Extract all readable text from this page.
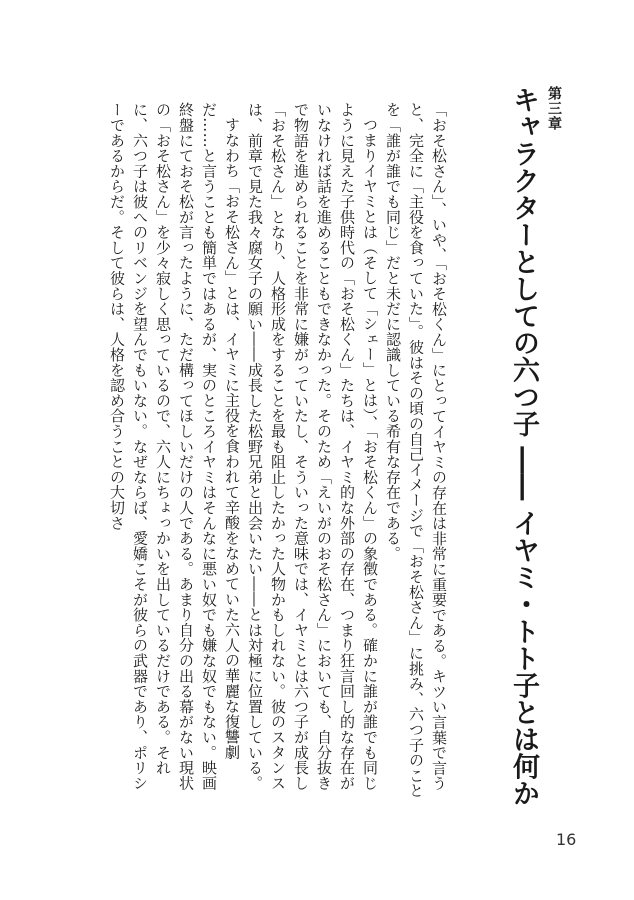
第三章
キャラクターとしての六つ子 ―― イヤミ・トト子とは何か

「おそ松さん」、いや、「おそ松くん」にとってイヤミの存在は非常に重要である。キツい言葉で言うと、完全に「主役を食っていた」。彼はその頃の自己イメージで「おそ松さん」に挑み、六つ子のことを「誰が誰でも同じ」だと未だに認識している希有な存在である。

つまりイヤミとは（そして「シェー」とは）、「おそ松くん」の象徴である。確かに誰が誰でも同じように見えた子供時代の「おそ松くん」たちは、イヤミ的な外部の存在、つまり狂言回し的な存在がいなければ話を進めることもできなかった。そのため「えいがのおそ松さん」においても、自分抜きで物語を進められることを非常に嫌がっていたし、そういった意味では、イヤミとは六つ子が成長し「おそ松さん」となり、人格形成をすることを最も阻止したかった人物かもしれない。彼のスタンスは、前章で見た我々腐女子の願い――成長した松野兄弟と出会いたい――とは対極に位置している。

すなわち「おそ松さん」とは、イヤミに主役を食われて辛酸をなめていた六人の華麗な復讐劇だ……と言うことも簡単ではあるが、実のところイヤミはそんなに悪い奴でも嫌な奴でもない。映画終盤にておそ松が言ったように、ただ構ってほしいだけの人である。あまり自分の出る幕がない現状の「おそ松さん」を少々寂しく思っているので、六人にちょっかいを出しているだけである。それに、六つ子は彼へのリベンジを望んでもいない。なぜならば、愛嬌こそが彼らの武器であり、ポリシーであるからだ。そして彼らは、人格を認め合うことの大切さ

16
